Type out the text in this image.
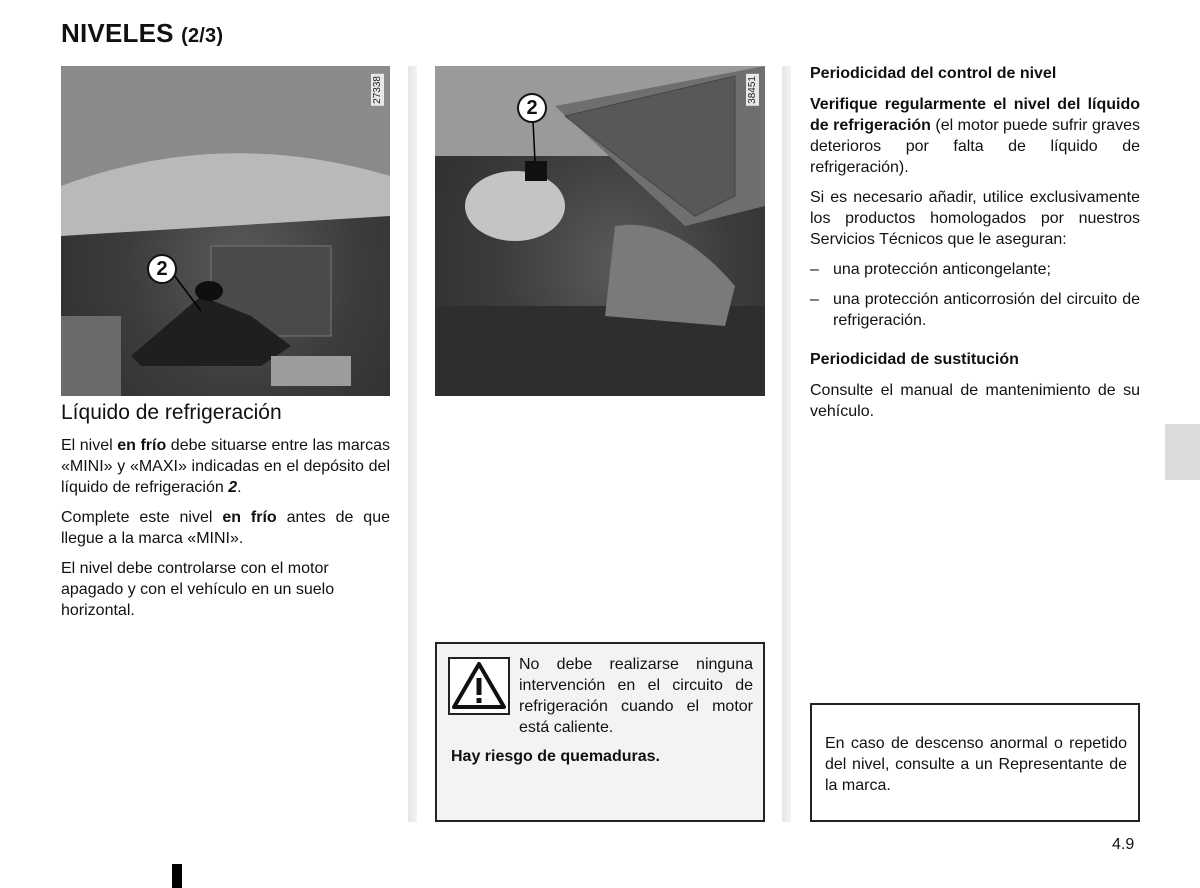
NIVELES (2/3)
2
27338
2
38451
Líquido de refrigeración

El nivel en frío debe situarse entre las marcas «MINI» y «MAXI» indicadas en el depósito del líquido de refrigeración 2.

Complete este nivel en frío antes de que llegue a la marca «MINI».

El nivel debe controlarse con el motor apagado y con el vehículo en un suelo horizontal.

No debe realizarse ninguna intervención en el circuito de refrigeración cuando el motor está caliente.
Hay riesgo de quemaduras.
Periodicidad del control de nivel

Verifique regularmente el nivel del líquido de refrigeración (el motor puede sufrir graves deterioros por falta de líquido de refrigeración).

Si es necesario añadir, utilice exclusivamente los productos homologados por nuestros Servicios Técnicos que le aseguran:

– una protección anticongelante;
– una protección anticorrosión del circuito de refrigeración.
Periodicidad de sustitución

Consulte el manual de mantenimiento de su vehículo.

En caso de descenso anormal o repetido del nivel, consulte a un Representante de la marca.
4.9
